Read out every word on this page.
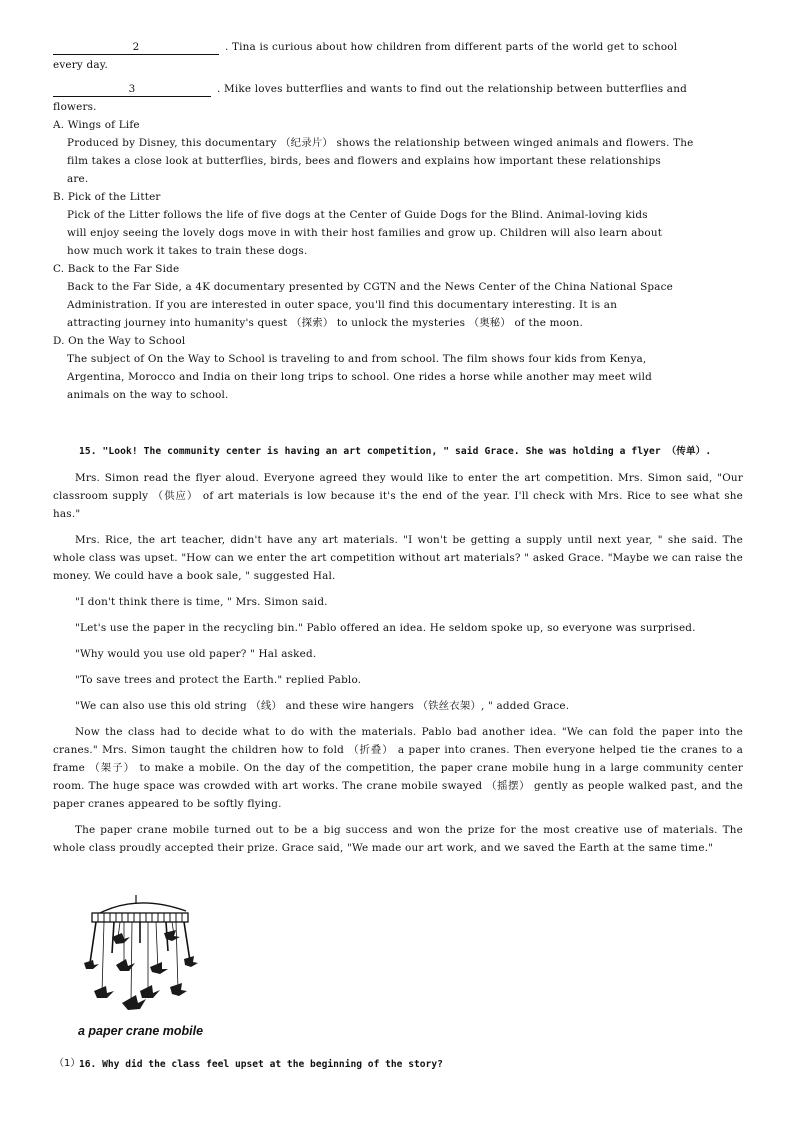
2	. Tina is curious about how children from different parts of the world get to school

every day.

3	. Mike loves butterflies and wants to find out the relationship between butterflies and

flowers.

A. Wings of Life

Produced by Disney, this documentary （纪录片） shows the relationship between winged animals and flowers. The

film takes a close look at butterflies, birds, bees and flowers and explains how important these relationships

are.

B. Pick of the Litter

Pick of the Litter follows the life of five dogs at the Center of Guide Dogs for the Blind. Animal-loving kids

will enjoy seeing the lovely dogs move in with their host families and grow up. Children will also learn about

how much work it takes to train these dogs.

C. Back to the Far Side

Back to the Far Side, a 4K documentary presented by CGTN and the News Center of the China National Space

Administration. If you are interested in outer space, you'll find this documentary interesting. It is an

attracting journey into humanity's quest （探索） to unlock the mysteries （奥秘） of the moon.

D. On the Way to School

The subject of On the Way to School is traveling to and from school. The film shows four kids from Kenya,

Argentina, Morocco and India on their long trips to school. One rides a horse while another may meet wild

animals on the way to school.

15. "Look! The community center is having an art competition, " said Grace. She was holding a flyer （传单）.

Mrs. Simon read the flyer aloud. Everyone agreed they would like to enter the art competition. Mrs. Simon said, "Our classroom supply （供应） of art materials is low because it's the end of the year. I'll check with Mrs. Rice to see what she has."

Mrs. Rice, the art teacher, didn't have any art materials. "I won't be getting a supply until next year, " she said. The whole class was upset. "How can we enter the art competition without art materials? " asked Grace. "Maybe we can raise the money. We could have a book sale, " suggested Hal.

"I don't think there is time, " Mrs. Simon said.

"Let's use the paper in the recycling bin." Pablo offered an idea. He seldom spoke up, so everyone was surprised.

"Why would you use old paper? " Hal asked.

"To save trees and protect the Earth." replied Pablo.

"We can also use this old string （线） and these wire hangers （铁丝衣架）, " added Grace.

Now the class had to decide what to do with the materials. Pablo bad another idea. "We can fold the paper into the cranes." Mrs. Simon taught the children how to fold （折叠） a paper into cranes. Then everyone helped tie the cranes to a frame （架子） to make a mobile. On the day of the competition, the paper crane mobile hung in a large community center room. The huge space was crowded with art works. The crane mobile swayed （摇摆） gently as people walked past, and the paper cranes appeared to be softly flying.

The paper crane mobile turned out to be a big success and won the prize for the most creative use of materials. The whole class proudly accepted their prize. Grace said, "We made our art work, and we saved the Earth at the same time."

a paper crane mobile
（1）
16. Why did the class feel upset at the beginning of the story?
